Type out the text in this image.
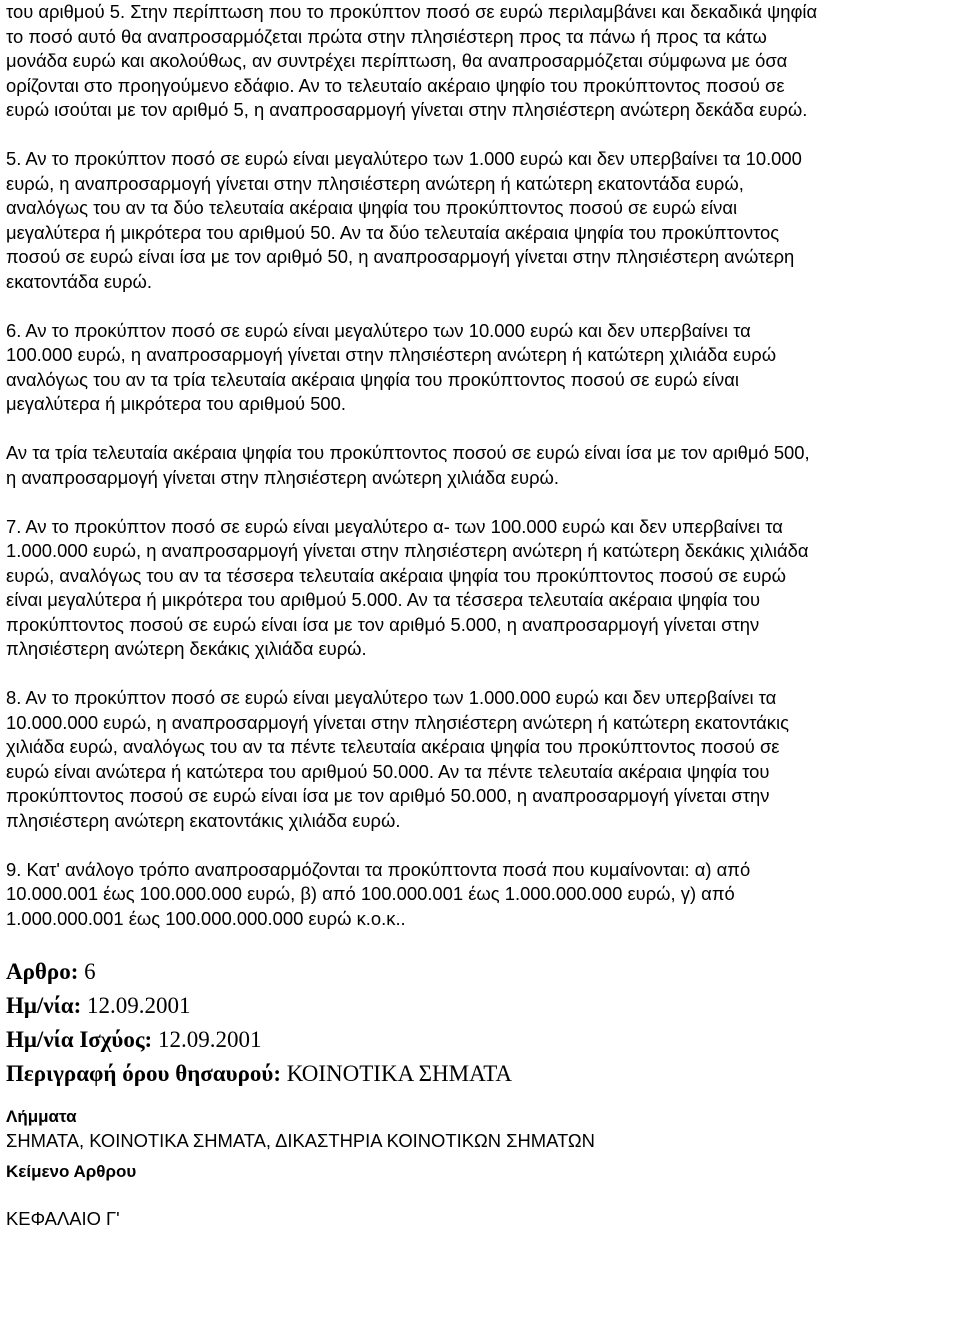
του αριθμού 5. Στην περίπτωση που το προκύπτον ποσό σε ευρώ περιλαμβάνει και δεκαδικά ψηφία
το ποσό αυτό θα αναπροσαρμόζεται πρώτα στην πλησιέστερη προς τα πάνω ή προς τα κάτω
μονάδα ευρώ και ακολούθως, αν συντρέχει περίπτωση, θα αναπροσαρμόζεται σύμφωνα με όσα
ορίζονται στο προηγούμενο εδάφιο. Αν το τελευταίο ακέραιο ψηφίο του προκύπτοντος ποσού σε
ευρώ ισούται με τον αριθμό 5, η αναπροσαρμογή γίνεται στην πλησιέστερη ανώτερη δεκάδα ευρώ.

5. Αν το προκύπτον ποσό σε ευρώ είναι μεγαλύτερο των 1.000 ευρώ και δεν υπερβαίνει τα 10.000
ευρώ, η αναπροσαρμογή γίνεται στην πλησιέστερη ανώτερη ή κατώτερη εκατοντάδα ευρώ,
αναλόγως του αν τα δύο τελευταία ακέραια ψηφία του προκύπτοντος ποσού σε ευρώ είναι
μεγαλύτερα ή μικρότερα του αριθμού 50. Αν τα δύο τελευταία ακέραια ψηφία του προκύπτοντος
ποσού σε ευρώ είναι ίσα με τον αριθμό 50, η αναπροσαρμογή γίνεται στην πλησιέστερη ανώτερη
εκατοντάδα ευρώ.

6. Αν το προκύπτον ποσό σε ευρώ είναι μεγαλύτερο των 10.000 ευρώ και δεν υπερβαίνει τα
100.000 ευρώ, η αναπροσαρμογή γίνεται στην πλησιέστερη ανώτερη ή κατώτερη χιλιάδα ευρώ
αναλόγως του αν τα τρία τελευταία ακέραια ψηφία του προκύπτοντος ποσού σε ευρώ είναι
μεγαλύτερα ή μικρότερα του αριθμού 500.

Αν τα τρία τελευταία ακέραια ψηφία του προκύπτοντος ποσού σε ευρώ είναι ίσα με τον αριθμό 500,
η αναπροσαρμογή γίνεται στην πλησιέστερη ανώτερη χιλιάδα ευρώ.

7. Αν το προκύπτον ποσό σε ευρώ είναι μεγαλύτερο α- των 100.000 ευρώ και δεν υπερβαίνει τα
1.000.000 ευρώ, η αναπροσαρμογή γίνεται στην πλησιέστερη ανώτερη ή κατώτερη δεκάκις χιλιάδα
ευρώ, αναλόγως του αν τα τέσσερα τελευταία ακέραια ψηφία του προκύπτοντος ποσού σε ευρώ
είναι μεγαλύτερα ή μικρότερα του αριθμού 5.000. Αν τα τέσσερα τελευταία ακέραια ψηφία του
προκύπτοντος ποσού σε ευρώ είναι ίσα με τον αριθμό 5.000, η αναπροσαρμογή γίνεται στην
πλησιέστερη ανώτερη δεκάκις χιλιάδα ευρώ.

8. Αν το προκύπτον ποσό σε ευρώ είναι μεγαλύτερο των 1.000.000 ευρώ και δεν υπερβαίνει τα
10.000.000 ευρώ, η αναπροσαρμογή γίνεται στην πλησιέστερη ανώτερη ή κατώτερη εκατοντάκις
χιλιάδα ευρώ, αναλόγως του αν τα πέντε τελευταία ακέραια ψηφία του προκύπτοντος ποσού σε
ευρώ είναι ανώτερα ή κατώτερα του αριθμού 50.000. Αν τα πέντε τελευταία ακέραια ψηφία του
προκύπτοντος ποσού σε ευρώ είναι ίσα με τον αριθμό 50.000, η αναπροσαρμογή γίνεται στην
πλησιέστερη ανώτερη εκατοντάκις χιλιάδα ευρώ.

9. Κατ' ανάλογο τρόπο αναπροσαρμόζονται τα προκύπτοντα ποσά που κυμαίνονται: α) από
10.000.001 έως 100.000.000 ευρώ, β) από 100.000.001 έως 1.000.000.000 ευρώ, γ) από
1.000.000.001 έως 100.000.000.000 ευρώ κ.ο.κ..

Αρθρο: 6

Ημ/νία: 12.09.2001

Ημ/νία Ισχύος: 12.09.2001

Περιγραφή όρου θησαυρού: ΚΟΙΝΟΤΙΚΑ ΣΗΜΑΤΑ

Λήμματα

ΣΗΜΑΤΑ, ΚΟΙΝΟΤΙΚΑ ΣΗΜΑΤΑ, ΔΙΚΑΣΤΗΡΙΑ ΚΟΙΝΟΤΙΚΩΝ ΣΗΜΑΤΩΝ

Κείμενο Αρθρου

ΚΕΦΑΛΑΙΟ Γ'
